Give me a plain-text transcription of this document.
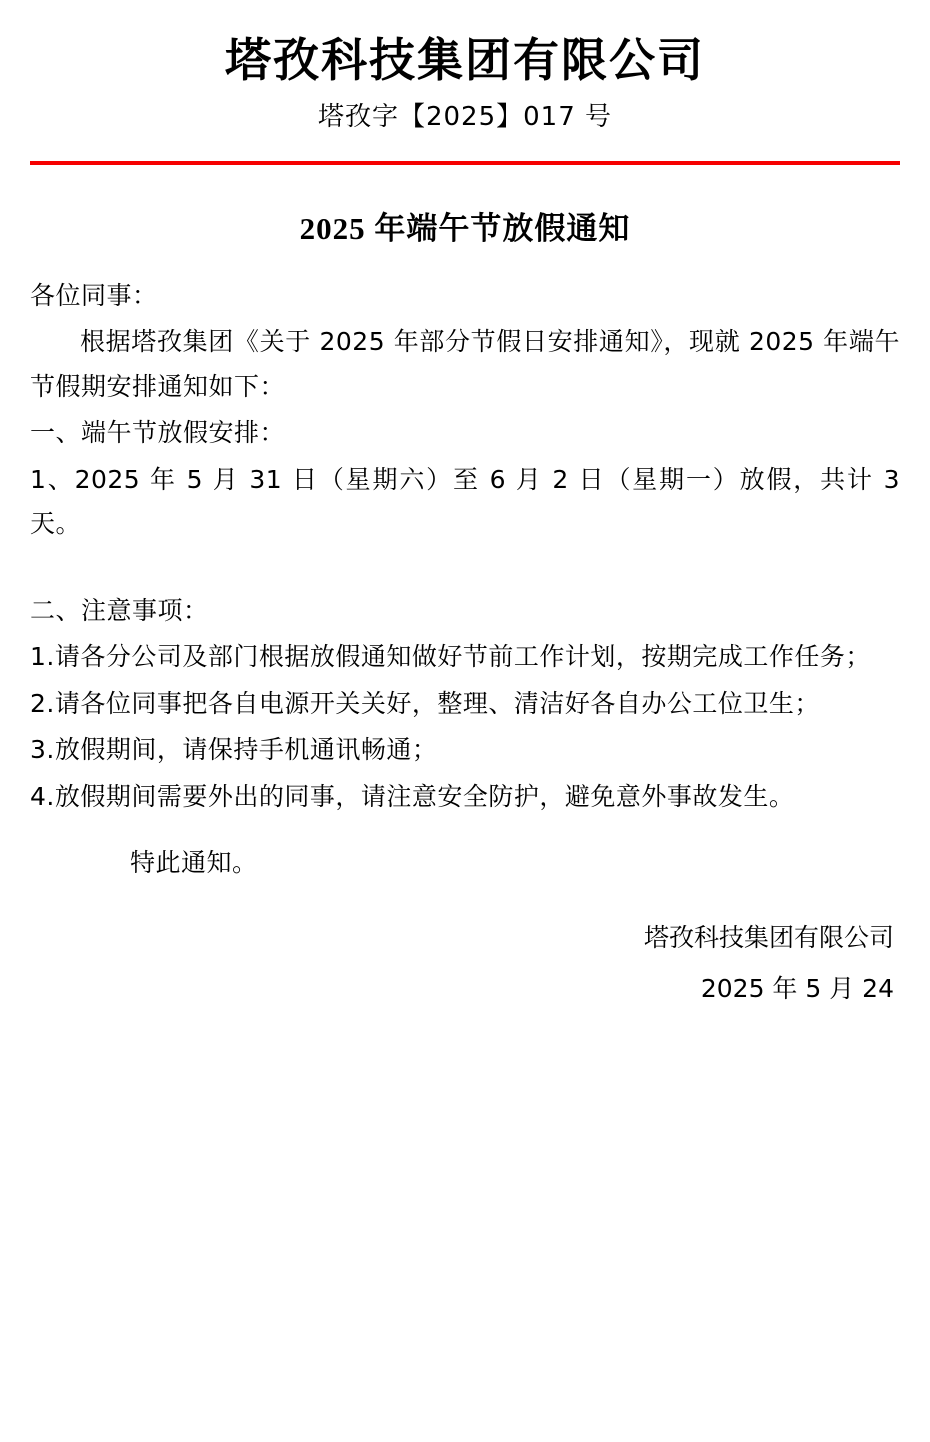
塔孜科技集团有限公司
塔孜字【2025】017 号
2025 年端午节放假通知

各位同事：

根据塔孜集团《关于 2025 年部分节假日安排通知》，现就 2025 年端午节假期安排通知如下：

一、端午节放假安排：

1、2025 年 5 月 31 日（星期六）至 6 月 2 日（星期一）放假，共计 3 天。

二、注意事项：

1.请各分公司及部门根据放假通知做好节前工作计划，按期完成工作任务；

2.请各位同事把各自电源开关关好，整理、清洁好各自办公工位卫生；

3.放假期间，请保持手机通讯畅通；

4.放假期间需要外出的同事，请注意安全防护，避免意外事故发生。

特此通知。

塔孜科技集团有限公司

2025 年 5 月 24
